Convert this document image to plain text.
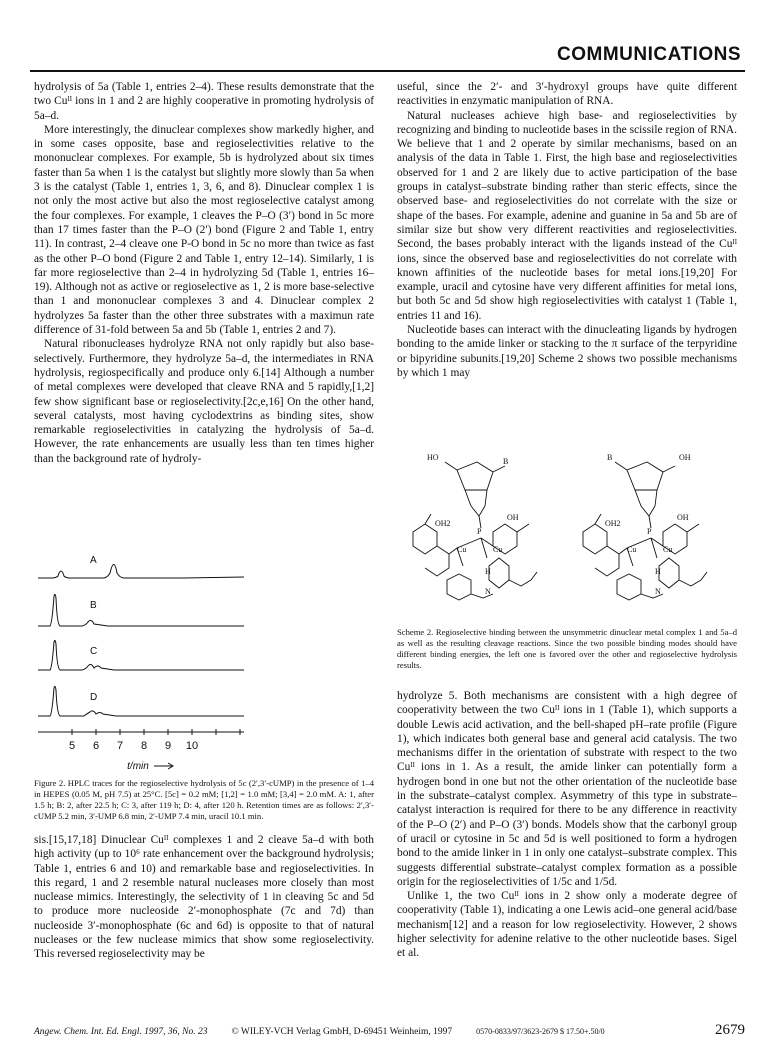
COMMUNICATIONS

hydrolysis of 5a (Table 1, entries 2–4). These results demonstrate that the two Cuᴵᴵ ions in 1 and 2 are highly cooperative in promoting hydrolysis of 5a–d.

More interestingly, the dinuclear complexes show markedly higher, and in some cases opposite, base and regioselectivities relative to the mononuclear complexes. For example, 5b is hydrolyzed about six times faster than 5a when 1 is the catalyst but slightly more slowly than 5a when 3 is the catalyst (Table 1, entries 1, 3, 6, and 8). Dinuclear complex 1 is not only the most active but also the most regioselective catalyst among the four complexes. For example, 1 cleaves the P–O (3′) bond in 5c more than 17 times faster than the P–O (2′) bond (Figure 2 and Table 1, entry 11). In contrast, 2–4 cleave one P-O bond in 5c no more than twice as fast as the other P–O bond (Figure 2 and Table 1, entry 12–14). Similarly, 1 is far more regioselective than 2–4 in hydrolyzing 5d (Table 1, entries 16–19). Although not as active or regioselective as 1, 2 is more base-selective than 1 and mononuclear complexes 3 and 4. Dinuclear complex 2 hydrolyzes 5a faster than the other three substrates with a maximun rate difference of 31-fold between 5a and 5b (Table 1, entries 2 and 7).

Natural ribonucleases hydrolyze RNA not only rapidly but also base-selectively. Furthermore, they hydrolyze 5a–d, the intermediates in RNA hydrolysis, regiospecifically and produce only 6.[14] Although a number of metal complexes were developed that cleave RNA and 5 rapidly,[1,2] few show significant base or regioselectivity.[2c,e,16] On the other hand, several catalysts, most having cyclodextrins as binding sites, show remarkable regioselectivities in catalyzing the hydrolysis of 5a–d. However, the rate enhancements are usually less than ten times higher than the background rate of hydroly-

useful, since the 2′- and 3′-hydroxyl groups have quite different reactivities in enzymatic manipulation of RNA.

Natural nucleases achieve high base- and regioselectivities by recognizing and binding to nucleotide bases in the scissile region of RNA. We believe that 1 and 2 operate by similar mechanisms, based on an analysis of the data in Table 1. First, the high base and regioselectivities observed for 1 and 2 are likely due to active participation of the base groups in catalyst–substrate binding rather than steric effects, since the observed base- and regioselectivities do not correlate with the size or shape of the bases. For example, adenine and guanine in 5a and 5b are of similar size but show very different reactivities and regioselectivities. Second, the bases probably interact with the ligands instead of the Cuᴵᴵ ions, since the observed base and regioselectivities do not correlate with known affinities of the nucleotide bases for metal ions.[19,20] For example, uracil and cytosine have very different affinities for metal ions, but both 5c and 5d show high regioselectivities with catalyst 1 (Table 1, entries 11 and 16).

Nucleotide bases can interact with the dinucleating ligands by hydrogen bonding to the amide linker or stacking to the π surface of the terpyridine or bipyridine subunits.[19,20] Scheme 2 shows two possible mechanisms by which 1 may

A
B
C
D
5 6 7 8 9 10
t/min
Figure 2. HPLC traces for the regioselective hydrolysis of 5c (2′,3′-cUMP) in the presence of 1–4 in HEPES (0.05 M, pH 7.5) at 25°C. [5c] = 0.2 mM; [1,2] = 1.0 mM; [3,4] = 2.0 mM. A: 1, after 1.5 h; B: 2, after 22.5 h; C: 3, after 119 h; D: 4, after 120 h. Retention times are as follows: 2′,3′-cUMP 5.2 min, 3′-UMP 6.8 min, 2′-UMP 7.4 min, uracil 10.1 min.
HO	B
OH2
P
OH
Cu	Cu
H
N
B	OH
OH2
P
OH
Cu	Cu
H
N
Scheme 2. Regioselective binding between the unsymmetric dinuclear metal complex 1 and 5a–d as well as the resulting cleavage reactions. Since the two possible binding modes should have different binding energies, the left one is favored over the other and regioselective hydrolysis results.

sis.[15,17,18] Dinuclear Cuᴵᴵ complexes 1 and 2 cleave 5a–d with both high activity (up to 10⁶ rate enhancement over the background hydrolysis; Table 1, entries 6 and 10) and remarkable base and regioselectivities. In this regard, 1 and 2 resemble natural nucleases more closely than most nuclease mimics. Interestingly, the selectivity of 1 in cleaving 5c and 5d to produce more nucleoside 2′-monophosphate (7c and 7d) than nucleoside 3′-monophosphate (6c and 6d) is opposite to that of natural nucleases or the few nuclease mimics that show some regioselectivity. This reversed regioselectivity may be

hydrolyze 5. Both mechanisms are consistent with a high degree of cooperativity between the two Cuᴵᴵ ions in 1 (Table 1), which supports a double Lewis acid activation, and the bell-shaped pH–rate profile (Figure 1), which indicates both general base and general acid catalysis. The two mechanisms differ in the orientation of substrate with respect to the two Cuᴵᴵ ions in 1. As a result, the amide linker can potentially form a hydrogen bond in one but not the other orientation of the nucleotide base in the substrate–catalyst complex. Asymmetry of this type in substrate–catalyst interaction is required for there to be any difference in reactivity of the P–O (2′) and P–O (3′) bonds. Models show that the carbonyl group of uracil or cytosine in 5c and 5d is well positioned to form a hydrogen bond to the amide linker in 1 in only one catalyst–substrate complex. This suggests differential substrate–catalyst complex formation as a possible origin for the regioselectivities of 1/5c and 1/5d.

Unlike 1, the two Cuᴵᴵ ions in 2 show only a moderate degree of cooperativity (Table 1), indicating a one Lewis acid–one general acid/base mechanism[12] and a reason for low regioselectivity. However, 2 shows higher selectivity for adenine relative to the other nucleotide bases. Sigel et al.

Angew. Chem. Int. Ed. Engl. 1997, 36, No. 23	© WILEY-VCH Verlag GmbH, D-69451 Weinheim, 1997	0570-0833/97/3623-2679 $ 17.50+.50/0	2679
